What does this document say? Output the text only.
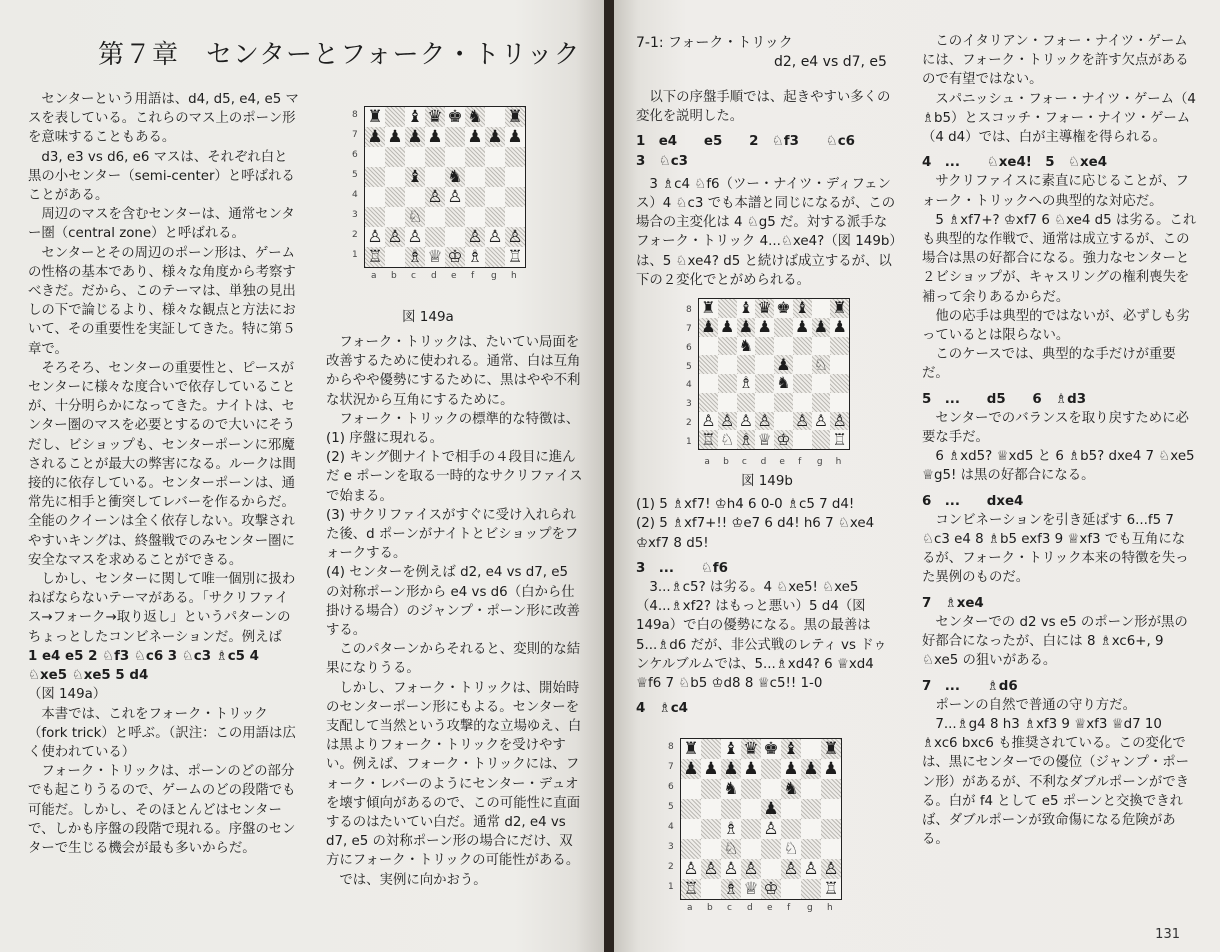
第７章　センターとフォーク・トリック

センターという用語は、d4, d5, e4, e5 マスを表している。これらのマス上のポーン形を意味することもある。

d3, e3 vs d6, e6 マスは、それぞれ白と黒の小センター（semi-center）と呼ばれることがある。

周辺のマスを含むセンターは、通常センター圏（central zone）と呼ばれる。

センターとその周辺のポーン形は、ゲームの性格の基本であり、様々な角度から考察すべきだ。だから、このテーマは、単独の見出しの下で論じるより、様々な観点と方法において、その重要性を実証してきた。特に第５章で。

そろそろ、センターの重要性と、ピースがセンターに様々な度合いで依存していることが、十分明らかになってきた。ナイトは、センター圏のマスを必要とするので大いにそうだし、ビショップも、センターポーンに邪魔されることが最大の弊害になる。ルークは間接的に依存している。センターポーンは、通常先に相手と衝突してレバーを作るからだ。全能のクイーンは全く依存しない。攻撃されやすいキングは、終盤戦でのみセンター圏に安全なマスを求めることができる。

しかし、センターに関して唯一個別に扱わねばならないテーマがある。「サクリファイス→フォーク→取り返し」というパターンのちょっとしたコンビネーションだ。例えば

1 e4 e5 2 ♘f3 ♘c6 3 ♘c3 ♗c5 4 ♘xe5 ♘xe5 5 d4

（図 149a）

本書では、これをフォーク・トリック（fork trick）と呼ぶ。（訳注：この用語は広く使われている）

フォーク・トリックは、ポーンのどの部分でも起こりうるので、ゲームのどの段階でも可能だ。しかし、そのほとんどはセンターで、しかも序盤の段階で現れる。序盤のセンターで生じる機会が最も多いからだ。

♜ ♝ ♛ ♚ ♞ ♜
♟ ♟ ♟ ♟ ♟ ♟ ♟
♝ ♞
♙ ♙
♘
♙ ♙ ♙	♙ ♙ ♙
♖ ♗ ♕ ♔ ♗ ♖
8
7
6
5
4
3
2
1
a b c d e f g h
図 149a

フォーク・トリックは、たいてい局面を改善するために使われる。通常、白は互角からやや優勢にするために、黒はやや不利な状況から互角にするために。

フォーク・トリックの標準的な特徴は、

(1) 序盤に現れる。

(2) キング側ナイトで相手の４段目に進んだ e ポーンを取る一時的なサクリファイスで始まる。

(3) サクリファイスがすぐに受け入れられた後、d ポーンがナイトとビショップをフォークする。

(4) センターを例えば d2, e4 vs d7, e5 の対称ポーン形から e4 vs d6（白から仕掛ける場合）のジャンプ・ポーン形に改善する。

このパターンからそれると、変則的な結果になりうる。

しかし、フォーク・トリックは、開始時のセンターポーン形にもよる。センターを支配して当然という攻撃的な立場ゆえ、白は黒よりフォーク・トリックを受けやすい。例えば、フォーク・トリックには、フォーク・レバーのようにセンター・デュオを壊す傾向があるので、この可能性に直面するのはたいてい白だ。通常 d2, e4 vs d7, e5 の対称ポーン形の場合にだけ、双方にフォーク・トリックの可能性がある。

では、実例に向かおう。

7-1: フォーク・トリック
d2, e4 vs d7, e5

以下の序盤手順では、起きやすい多くの変化を説明した。

1　e4　　e5　　2　♘f3　　♘c6

3　♘c3

3 ♗c4 ♘f6（ツー・ナイツ・ディフェンス）4 ♘c3 でも本譜と同じになるが、この場合の主変化は 4 ♘g5 だ。対する派手なフォーク・トリック 4...♘xe4?（図 149b）は、5 ♘xe4? d5 と続けば成立するが、以下の２変化でとがめられる。

♜ ♝ ♛ ♚ ♝ ♜
♟ ♟ ♟ ♟ ♟ ♟ ♟
♞
♟ ♘
♗ ♞
♙ ♙ ♙ ♙ ♙ ♙ ♙
♖ ♘ ♗ ♕ ♔	♖
8
7
6
5
4
3
2
1
a b c d e f g h

図 149b

(1) 5 ♗xf7! ♔h4 6 0-0 ♗c5 7 d4!

(2) 5 ♗xf7+!! ♔e7 6 d4! h6 7 ♘xe4 ♔xf7 8 d5!

3　...　　♘f6

3...♗c5? は劣る。4 ♘xe5! ♘xe5（4...♗xf2? はもっと悪い）5 d4（図 149a）で白の優勢になる。黒の最善は 5...♗d6 だが、非公式戦のレティ vs ドゥンケルブルムでは、5...♗xd4? 6 ♕xd4 ♕f6 7 ♘b5 ♔d8 8 ♕c5!! 1-0

4　♗c4

♜ ♝ ♛ ♚ ♝ ♜
♟ ♟ ♟ ♟ ♟ ♟ ♟
♞	♞
♟
♗ ♙
♘	♘
♙ ♙ ♙ ♙ ♙ ♙ ♙
♖ ♗ ♕ ♔	♖
8
7
6
5
4
3
2
1
a b c d e f g h

このイタリアン・フォー・ナイツ・ゲームには、フォーク・トリックを許す欠点があるので有望ではない。

スパニッシュ・フォー・ナイツ・ゲーム（4 ♗b5）とスコッチ・フォー・ナイツ・ゲーム（4 d4）では、白が主導権を得られる。

4　...　　♘xe4!　5　♘xe4

サクリファイスに素直に応じることが、フォーク・トリックへの典型的な対応だ。

5 ♗xf7+? ♔xf7 6 ♘xe4 d5 は劣る。これも典型的な作戦で、通常は成立するが、この場合は黒の好都合になる。強力なセンターと２ビショップが、キャスリングの権利喪失を補って余りあるからだ。

他の応手は典型的ではないが、必ずしも劣っているとは限らない。

このケースでは、典型的な手だけが重要だ。

5　...　　d5　　6　♗d3

センターでのバランスを取り戻すために必要な手だ。

6 ♗xd5? ♕xd5 と 6 ♗b5? dxe4 7 ♘xe5 ♕g5! は黒の好都合になる。

6　...　　dxe4

コンビネーションを引き延ばす 6...f5 7 ♘c3 e4 8 ♗b5 exf3 9 ♕xf3 でも互角になるが、フォーク・トリック本来の特徴を失った異例のものだ。

7　♗xe4

センターでの d2 vs e5 のポーン形が黒の好都合になったが、白には 8 ♗xc6+, 9 ♘xe5 の狙いがある。

7　...　　♗d6

ポーンの自然で普通の守り方だ。

7...♗g4 8 h3 ♗xf3 9 ♕xf3 ♕d7 10 ♗xc6 bxc6 も推奨されている。この変化では、黒にセンターでの優位（ジャンプ・ポーン形）があるが、不利なダブルポーンができる。白が f4 として e5 ポーンと交換できれば、ダブルポーンが致命傷になる危険がある。

131
